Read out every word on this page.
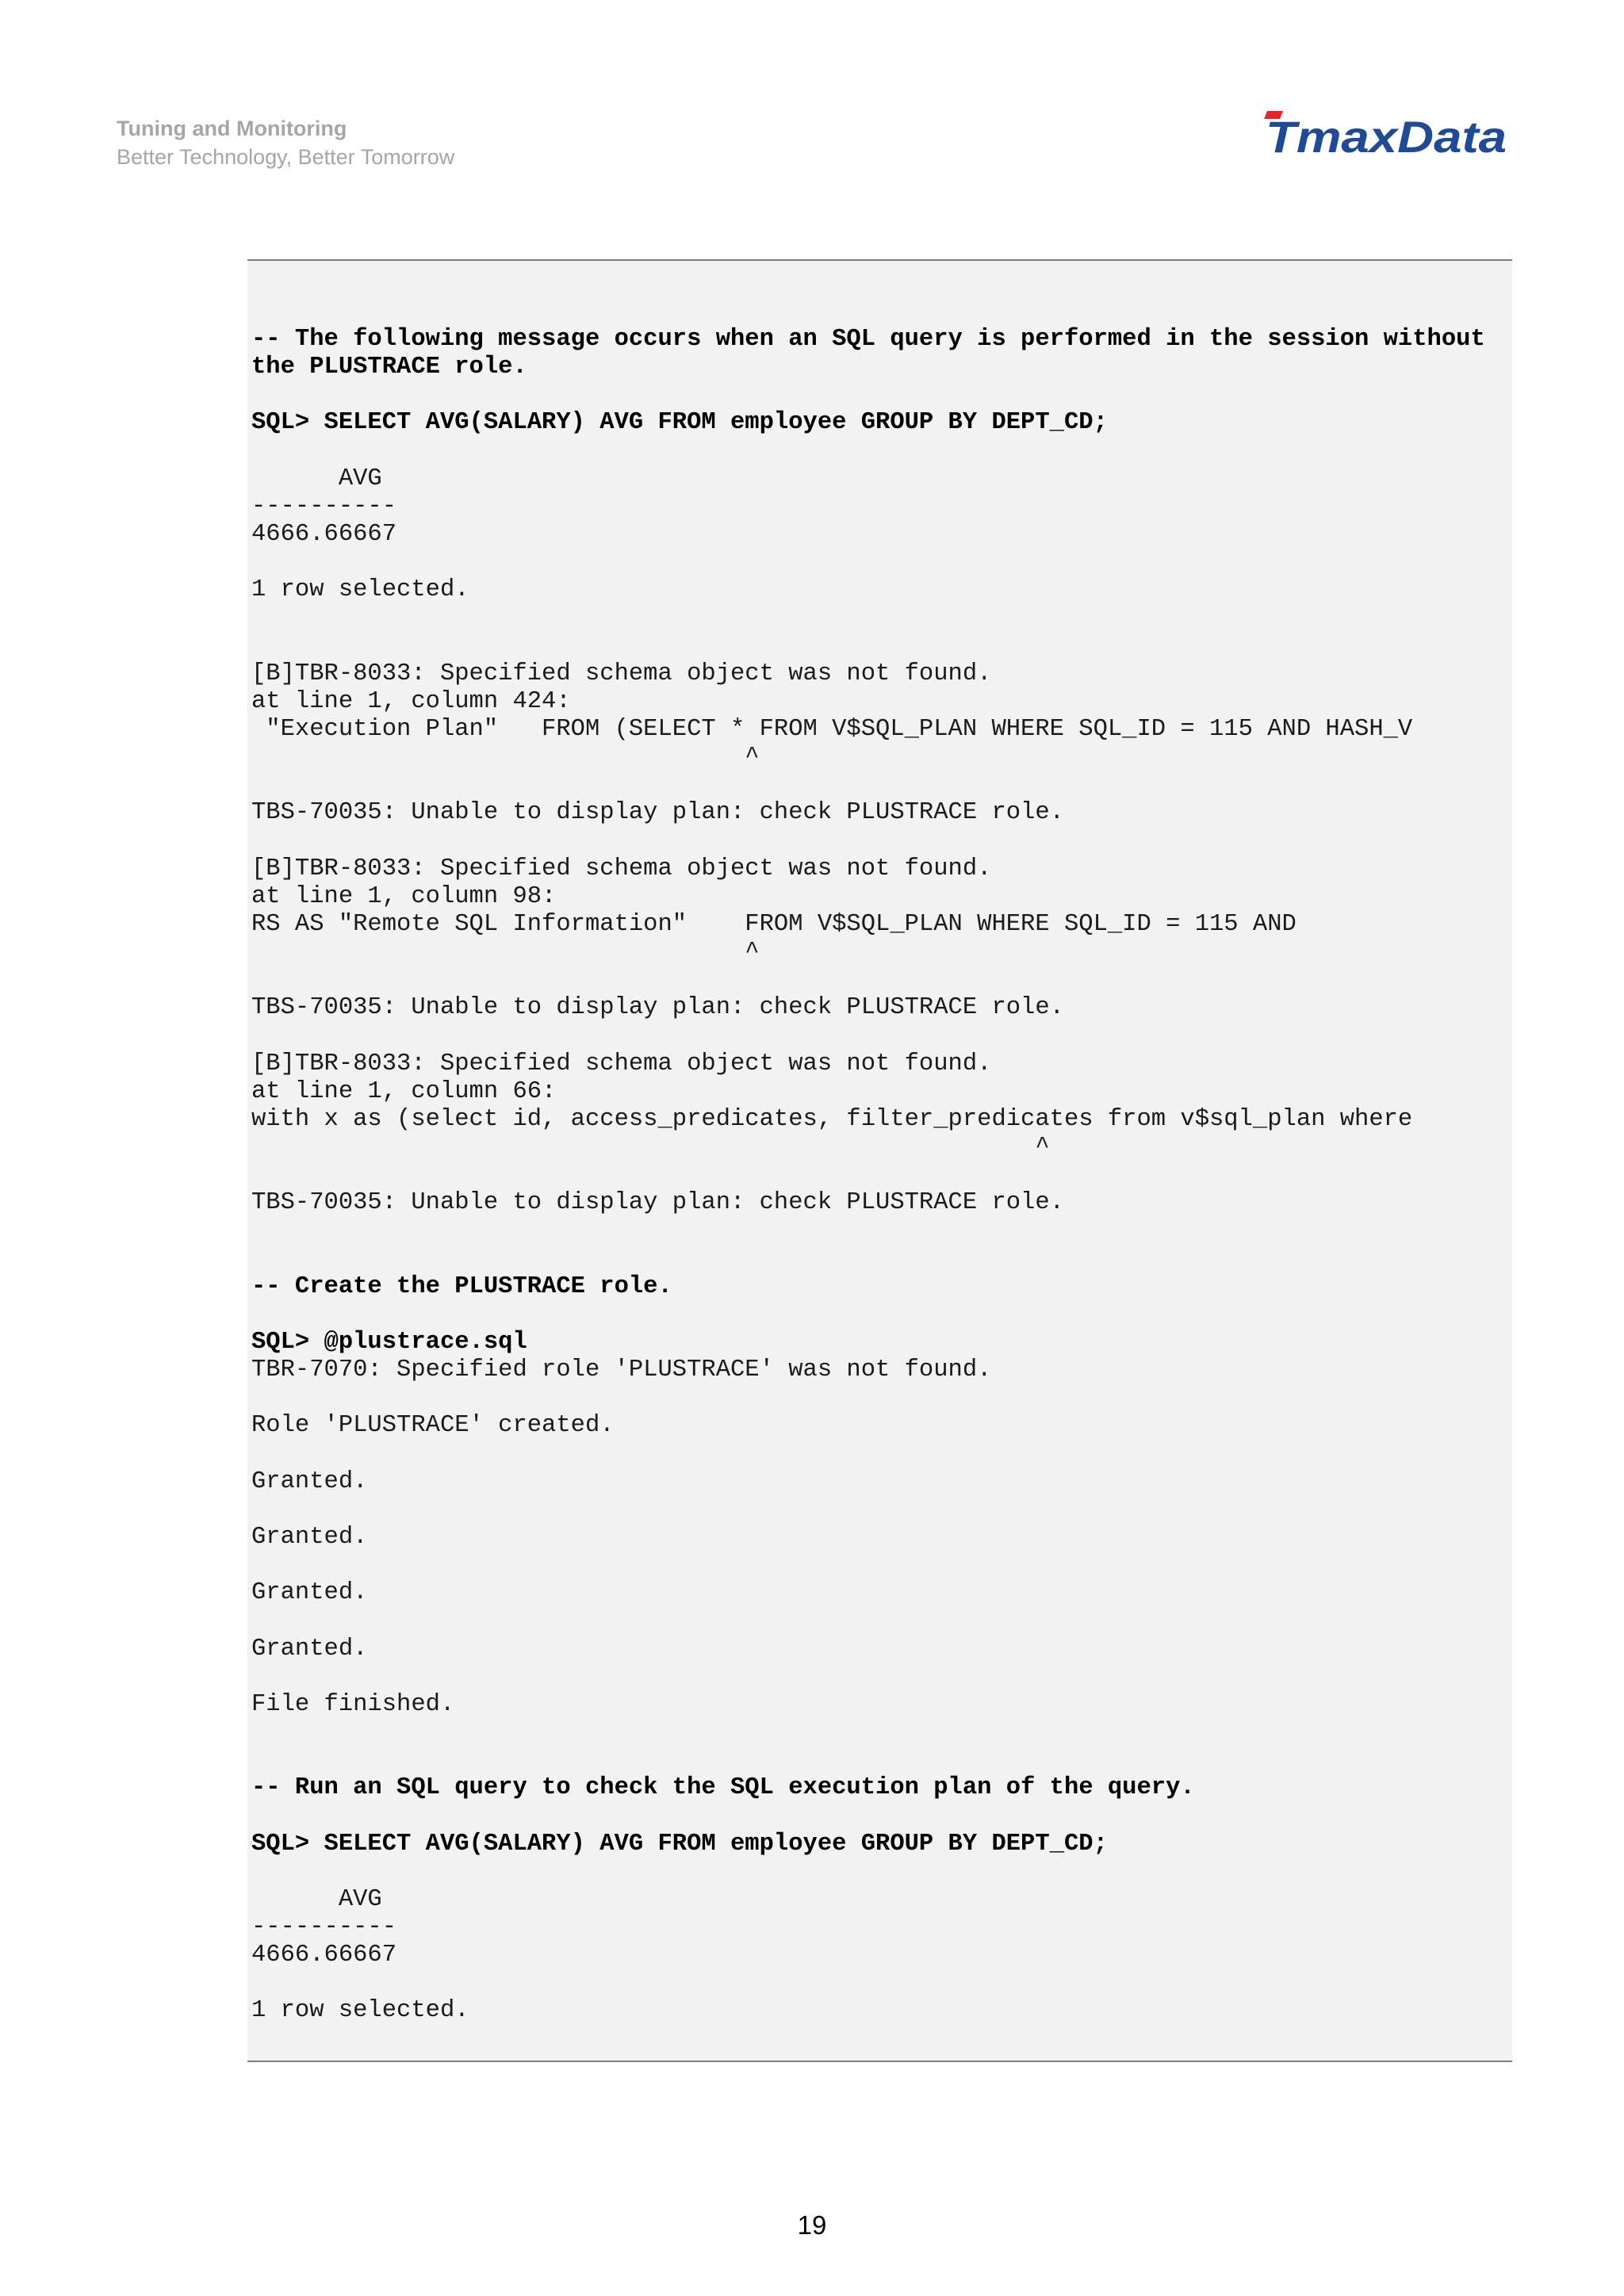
Tuning and Monitoring
Better Technology, Better Tomorrow	TmaxData
-- The following message occurs when an SQL query is performed in the session without
the PLUSTRACE role.
SQL> SELECT AVG(SALARY) AVG FROM employee GROUP BY DEPT_CD;
AVG
----------
4666.66667
1 row selected.
[B]TBR-8033: Specified schema object was not found.
at line 1, column 424:
"Execution Plan"   FROM (SELECT * FROM V$SQL_PLAN WHERE SQL_ID = 115 AND HASH_V
^
TBS-70035: Unable to display plan: check PLUSTRACE role.
[B]TBR-8033: Specified schema object was not found.
at line 1, column 98:
RS AS "Remote SQL Information"    FROM V$SQL_PLAN WHERE SQL_ID = 115 AND
^
TBS-70035: Unable to display plan: check PLUSTRACE role.
[B]TBR-8033: Specified schema object was not found.
at line 1, column 66:
with x as (select id, access_predicates, filter_predicates from v$sql_plan where
^
TBS-70035: Unable to display plan: check PLUSTRACE role.
-- Create the PLUSTRACE role.
SQL> @plustrace.sql
TBR-7070: Specified role 'PLUSTRACE' was not found.
Role 'PLUSTRACE' created.
Granted.
Granted.
Granted.
Granted.
File finished.
-- Run an SQL query to check the SQL execution plan of the query.
SQL> SELECT AVG(SALARY) AVG FROM employee GROUP BY DEPT_CD;
AVG
----------
4666.66667
1 row selected.
19
